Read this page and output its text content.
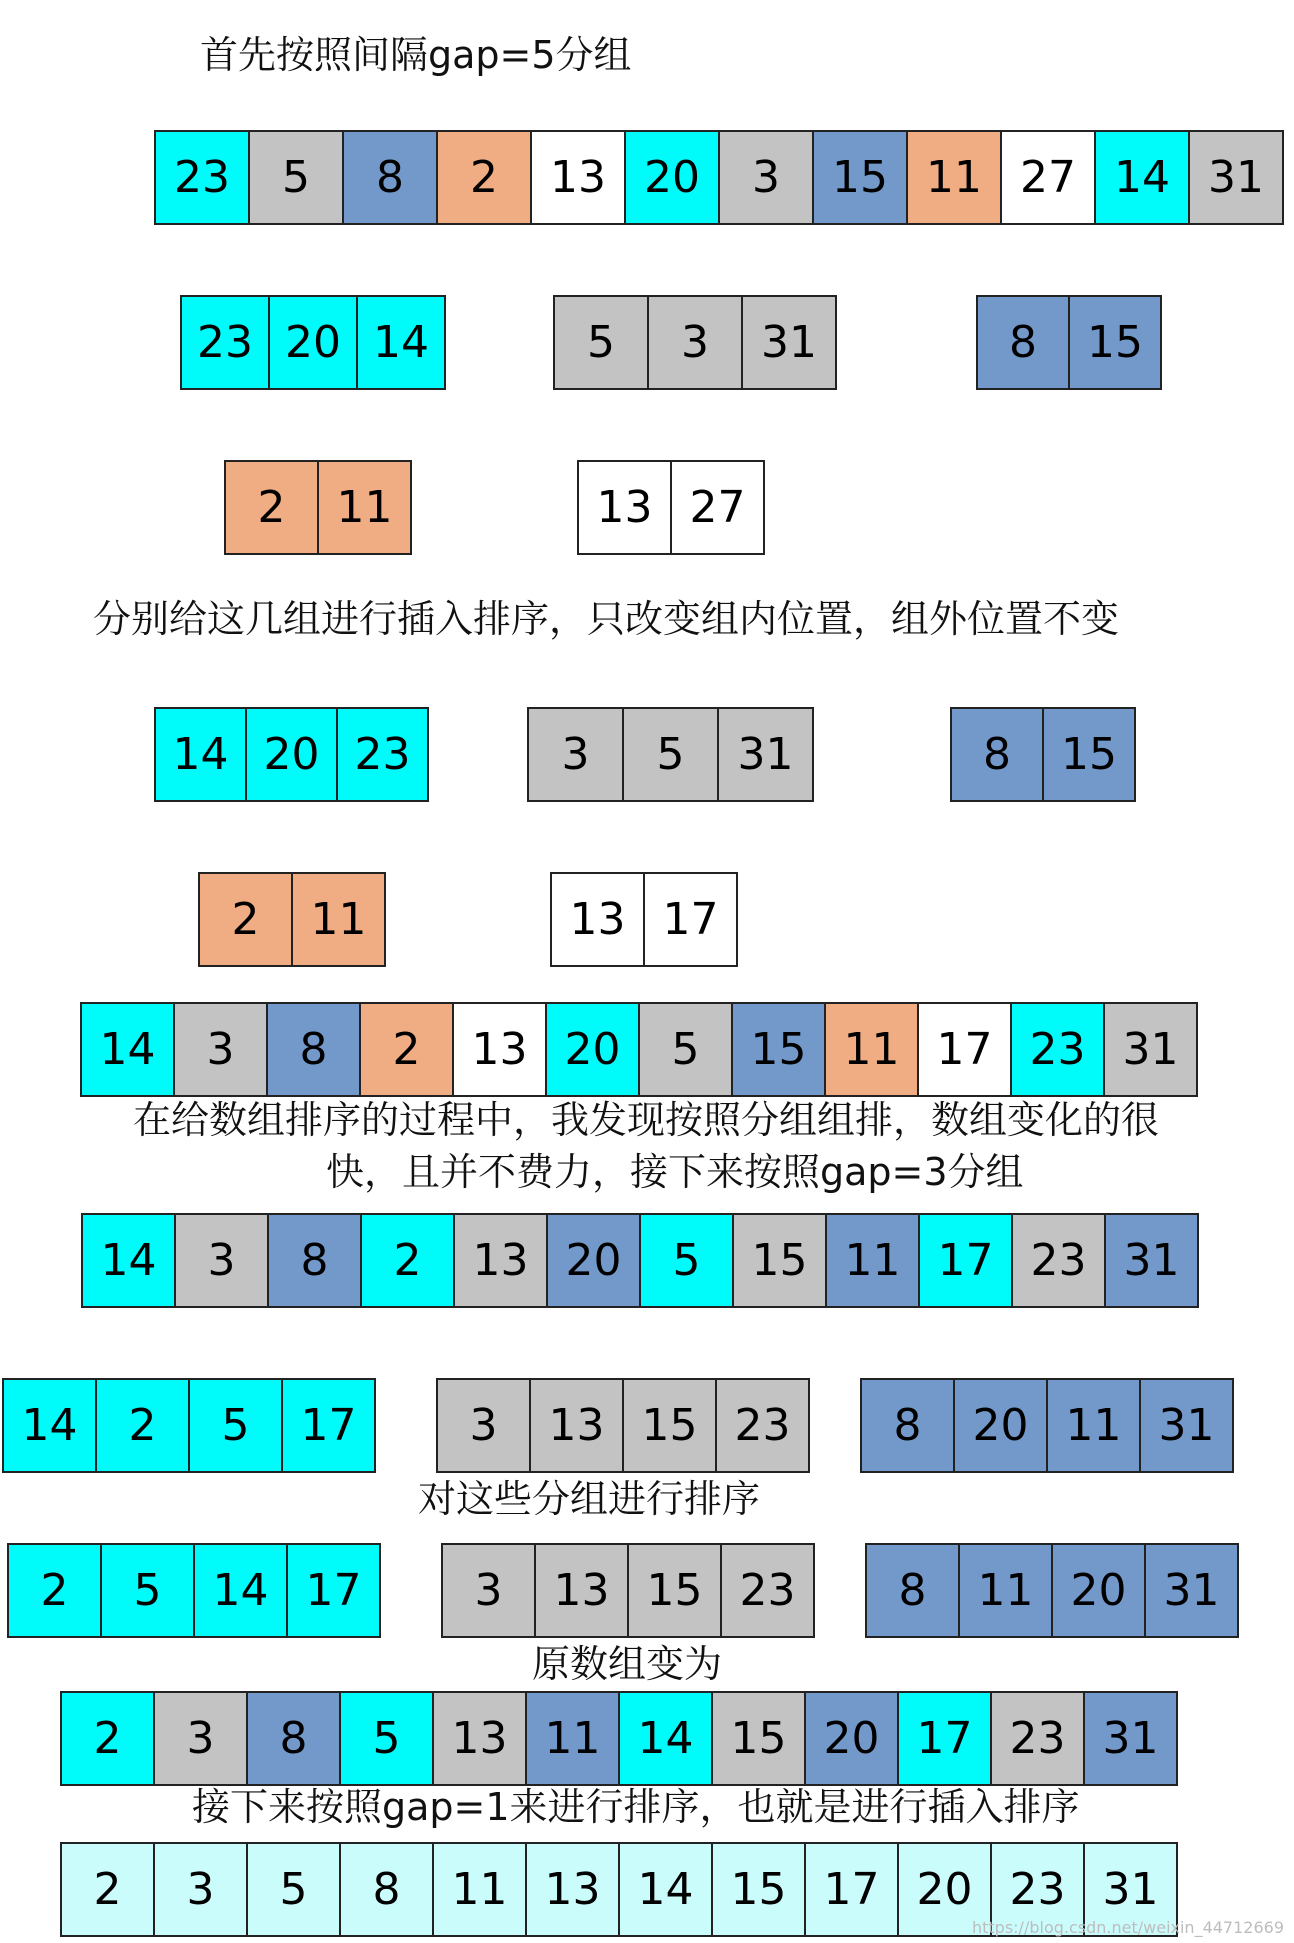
首先按照间隔gap=5分组
23	5	8	2	13 20	3	15 11 27 14 31
23 20 14	5	3	31	8	15
2	11	13 27
分别给这几组进行插入排序，只改变组内位置，组外位置不变
14 20 23	3	5	31	8	15
2	11	13 17
14	3	8	2	13 20	5	15 11 17 23 31
在给数组排序的过程中，我发现按照分组组排，数组变化的很
快，且并不费力，接下来按照gap=3分组
14	3	8	2	13 20	5	15 11 17 23 31
14	2	5	17	3	13 15 23	8	20 11 31
对这些分组进行排序
2	5	14 17	3	13 15 23	8	11 20 31
原数组变为
2	3	8	5	13 11 14 15 20 17 23 31
接下来按照gap=1来进行排序，也就是进行插入排序
2	3	5	8	11 13 14 15 17 20 23 31
https://blog.csdn.net/weixin_44712669
